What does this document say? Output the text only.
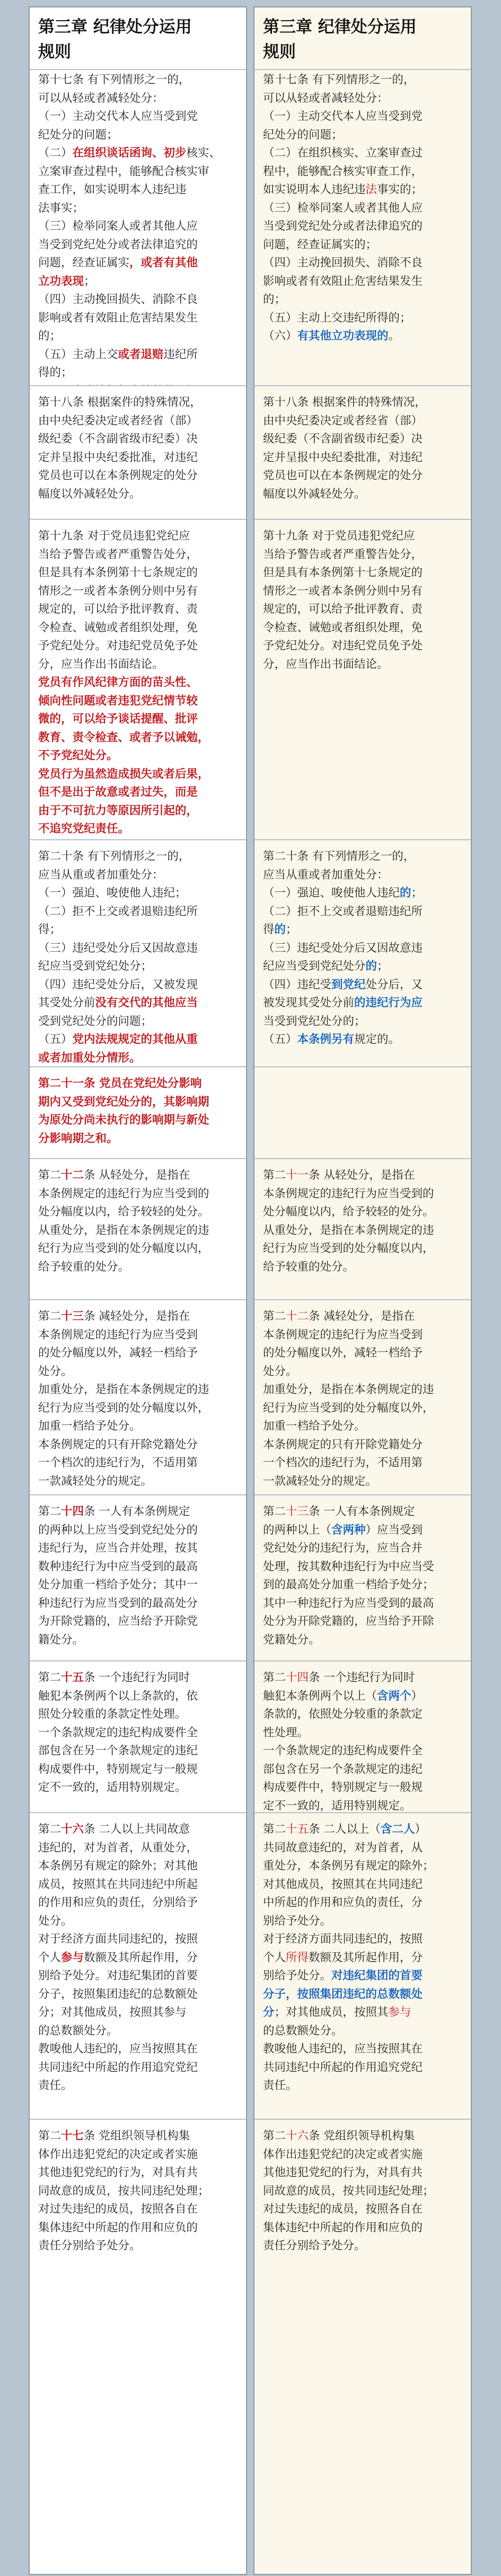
第三章 纪律处分运用
规则
第十七条 有下列情形之一的，
可以从轻或者减轻处分：
（一）主动交代本人应当受到党
纪处分的问题；
（二）在组织谈话函询、初步核实、
立案审查过程中，能够配合核实审
查工作，如实说明本人违纪违
法事实；
（三）检举同案人或者其他人应
当受到党纪处分或者法律追究的
问题，经查证属实，或者有其他
立功表现；
（四）主动挽回损失、消除不良
影响或者有效阻止危害结果发生
的；
（五）主动上交或者退赔违纪所
得的；
第十八条 根据案件的特殊情况，
由中央纪委决定或者经省（部）
级纪委（不含副省级市纪委）决
定并呈报中央纪委批准，对违纪
党员也可以在本条例规定的处分
幅度以外减轻处分。
第十九条 对于党员违犯党纪应
当给予警告或者严重警告处分，
但是具有本条例第十七条规定的
情形之一或者本条例分则中另有
规定的，可以给予批评教育、责
令检查、诫勉或者组织处理，免
予党纪处分。对违纪党员免予处
分，应当作出书面结论。
党员有作风纪律方面的苗头性、
倾向性问题或者违犯党纪情节较
微的，可以给予谈话提醒、批评
教育、责令检查、或者予以诫勉，
不予党纪处分。
党员行为虽然造成损失或者后果，
但不是出于故意或者过失，而是
由于不可抗力等原因所引起的，
不追究党纪责任。
第二十条 有下列情形之一的，
应当从重或者加重处分：
（一）强迫、唆使他人违纪；
（二）拒不上交或者退赔违纪所
得；
（三）违纪受处分后又因故意违
纪应当受到党纪处分；
（四）违纪受处分后，又被发现
其受处分前没有交代的其他应当
受到党纪处分的问题；
（五）党内法规规定的其他从重
或者加重处分情形。
第二十一条 党员在党纪处分影响
期内又受到党纪处分的，其影响期
为原处分尚未执行的影响期与新处
分影响期之和。
第二十二条 从轻处分，是指在
本条例规定的违纪行为应当受到的
处分幅度以内，给予较轻的处分。
从重处分，是指在本条例规定的违
纪行为应当受到的处分幅度以内，
给予较重的处分。
第二十三条 减轻处分，是指在
本条例规定的违纪行为应当受到
的处分幅度以外，减轻一档给予
处分。
加重处分，是指在本条例规定的违
纪行为应当受到的处分幅度以外，
加重一档给予处分。
本条例规定的只有开除党籍处分
一个档次的违纪行为，不适用第
一款减轻处分的规定。
第二十四条 一人有本条例规定
的两种以上应当受到党纪处分的
违纪行为，应当合并处理，按其
数种违纪行为中应当受到的最高
处分加重一档给予处分；其中一
种违纪行为应当受到的最高处分
为开除党籍的，应当给予开除党
籍处分。
第二十五条 一个违纪行为同时
触犯本条例两个以上条款的，依
照处分较重的条款定性处理。
一个条款规定的违纪构成要件全
部包含在另一个条款规定的违纪
构成要件中，特别规定与一般规
定不一致的，适用特别规定。
第二十六条 二人以上共同故意
违纪的，对为首者，从重处分，
本条例另有规定的除外；对其他
成员，按照其在共同违纪中所起
的作用和应负的责任，分别给予
处分。
对于经济方面共同违纪的，按照
个人参与数额及其所起作用，分
别给予处分。对违纪集团的首要
分子，按照集团违纪的总数额处
分；对其他成员，按照其参与
的总数额处分。
教唆他人违纪的，应当按照其在
共同违纪中所起的作用追究党纪
责任。
第二十七条 党组织领导机构集
体作出违犯党纪的决定或者实施
其他违犯党纪的行为，对具有共
同故意的成员，按共同违纪处理；
对过失违纪的成员，按照各自在
集体违纪中所起的作用和应负的
责任分别给予处分。
第三章 纪律处分运用
规则
第十七条 有下列情形之一的，
可以从轻或者减轻处分：
（一）主动交代本人应当受到党
纪处分的问题；
（二）在组织核实、立案审查过
程中，能够配合核实审查工作，
如实说明本人违纪违法事实的；
（三）检举同案人或者其他人应
当受到党纪处分或者法律追究的
问题，经查证属实的；
（四）主动挽回损失、消除不良
影响或者有效阻止危害结果发生
的；
（五）主动上交违纪所得的；
（六）有其他立功表现的。
第十八条 根据案件的特殊情况，
由中央纪委决定或者经省（部）
级纪委（不含副省级市纪委）决
定并呈报中央纪委批准，对违纪
党员也可以在本条例规定的处分
幅度以外减轻处分。
第十九条 对于党员违犯党纪应
当给予警告或者严重警告处分，
但是具有本条例第十七条规定的
情形之一或者本条例分则中另有
规定的，可以给予批评教育、责
令检查、诫勉或者组织处理，免
予党纪处分。对违纪党员免予处
分，应当作出书面结论。
第二十条 有下列情形之一的，
应当从重或者加重处分：
（一）强迫、唆使他人违纪的；
（二）拒不上交或者退赔违纪所
得的；
（三）违纪受处分后又因故意违
纪应当受到党纪处分的；
（四）违纪受到党纪处分后，又
被发现其受处分前的违纪行为应
当受到党纪处分的；
（五）本条例另有规定的。
第二十一条 从轻处分，是指在
本条例规定的违纪行为应当受到的
处分幅度以内，给予较轻的处分。
从重处分，是指在本条例规定的违
纪行为应当受到的处分幅度以内，
给予较重的处分。
第二十二条 减轻处分，是指在
本条例规定的违纪行为应当受到
的处分幅度以外，减轻一档给予
处分。
加重处分，是指在本条例规定的违
纪行为应当受到的处分幅度以外，
加重一档给予处分。
本条例规定的只有开除党籍处分
一个档次的违纪行为，不适用第
一款减轻处分的规定。
第二十三条 一人有本条例规定
的两种以上（含两种）应当受到
党纪处分的违纪行为，应当合并
处理，按其数种违纪行为中应当受
到的最高处分加重一档给予处分；
其中一种违纪行为应当受到的最高
处分为开除党籍的，应当给予开除
党籍处分。
第二十四条 一个违纪行为同时
触犯本条例两个以上（含两个）
条款的，依照处分较重的条款定
性处理。
一个条款规定的违纪构成要件全
部包含在另一个条款规定的违纪
构成要件中，特别规定与一般规
定不一致的，适用特别规定。
第二十五条 二人以上（含二人）
共同故意违纪的，对为首者，从
重处分，本条例另有规定的除外；
对其他成员，按照其在共同违纪
中所起的作用和应负的责任，分
别给予处分。
对于经济方面共同违纪的，按照
个人所得数额及其所起作用，分
别给予处分。对违纪集团的首要
分子，按照集团违纪的总数额处
分；对其他成员，按照其参与
的总数额处分。
教唆他人违纪的，应当按照其在
共同违纪中所起的作用追究党纪
责任。
第二十六条 党组织领导机构集
体作出违犯党纪的决定或者实施
其他违犯党纪的行为，对具有共
同故意的成员，按共同违纪处理；
对过失违纪的成员，按照各自在
集体违纪中所起的作用和应负的
责任分别给予处分。
